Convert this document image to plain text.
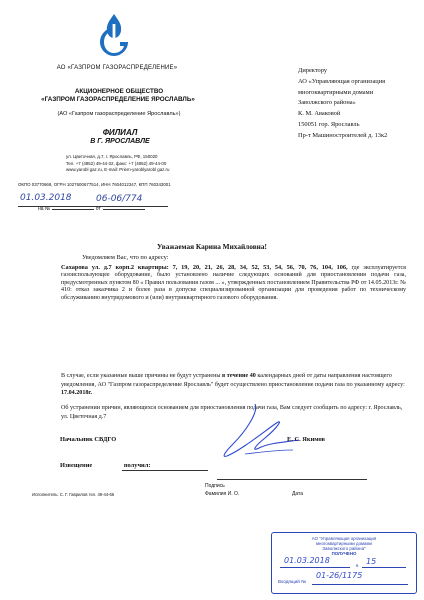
АО «ГАЗПРОМ ГАЗОРАСПРЕДЕЛЕНИЕ»
АКЦИОНЕРНОЕ ОБЩЕСТВО
«ГАЗПРОМ ГАЗОРАСПРЕДЕЛЕНИЕ ЯРОСЛАВЛЬ»
(АО «Газпром газораспределение Ярославль»)
ФИЛИАЛ
В Г. ЯРОСЛАВЛЕ
ул. Цветочная, д.7, г. Ярославль, РФ, 150020
Тел. +7 (4852) 49-44-32, факс: +7 (4852) 49-44-00
www.yarobl gaz.ru, E-mail: Priem-yaroblyarobl gaz.ru
ОКПО 03770669, ОГРН 1027600677514, ИНН 7604012347, КПП 760343001
01.03.2018	06-06/774
на №	от
Директору
АО «Управляющая организация
многоквартирными домами
Заволжского района»
К. М. Аваковой
150051 гор. Ярославль
Пр-т Машиностроителей д. 13к2
Уважаемая Карина Михайловна!
Уведомляем Вас, что по адресу:
Сахарова ул. д.7 корп.2 квартиры: 7, 19, 20, 21, 26, 28, 34, 52, 53, 54, 56, 70, 76, 104, 106, где эксплуатируется газоиспользующее оборудование, было установлено наличие следующих оснований для приостановления подачи газа, предусмотренных пунктом 80 « Правил пользования газом ... », утвержденных постановлением Правительства РФ от 14.05.2013г. № 410: отказ заказчика 2 и более раза в допуске специализированной организации для проведения работ по техническому обслуживанию внутридомового и (или) внутриквартирного газового оборудования.
В случае, если указанные выше причины не будут устранены в течение 40 календарных дней от даты направления настоящего уведомления, АО "Газпром газораспределение Ярославль" будет осуществлено приостановление подачи газа по указанному адресу: 17.04.2018г.
Об устранении причин, являющихся основанием для приостановления подачи газа, Вам следует сообщить по адресу: г. Ярославль, ул. Цветочная д.7
Начальник СВДГО	Е. С. Якимов
Извещение	получил:
Подпись
Фамилия И. О.	Дата
Исполнитель: С. Г. Гаврилов тел. 49-44-66
АО "Управляющая организация
многоквартирными домами
Заволжского района"
ПОЛУЧЕНО
01.03.2018
в 15
Входящий №
01-26/1175
